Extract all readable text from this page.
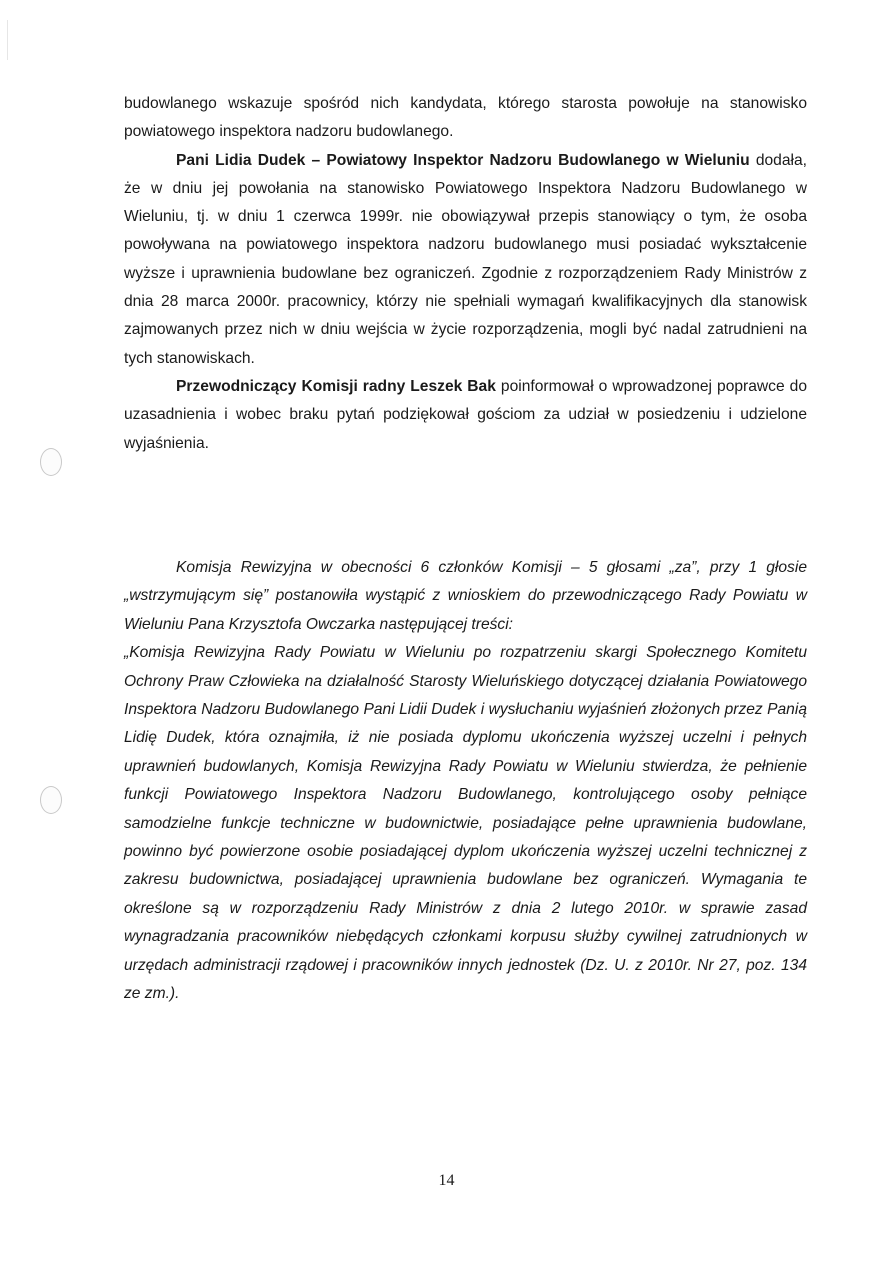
budowlanego wskazuje spośród nich kandydata, którego starosta powołuje na stanowisko powiatowego inspektora nadzoru budowlanego.

Pani Lidia Dudek – Powiatowy Inspektor Nadzoru Budowlanego w Wieluniu dodała, że w dniu jej powołania na stanowisko Powiatowego Inspektora Nadzoru Budowlanego w Wieluniu, tj. w dniu 1 czerwca 1999r. nie obowiązywał przepis stanowiący o tym, że osoba powoływana na powiatowego inspektora nadzoru budowlanego musi posiadać wykształcenie wyższe i uprawnienia budowlane bez ograniczeń. Zgodnie z rozporządzeniem Rady Ministrów z dnia 28 marca 2000r. pracownicy, którzy nie spełniali wymagań kwalifikacyjnych dla stanowisk zajmowanych przez nich w dniu wejścia w życie rozporządzenia, mogli być nadal zatrudnieni na tych stanowiskach.

Przewodniczący Komisji radny Leszek Bak poinformował o wprowadzonej poprawce do uzasadnienia i wobec braku pytań podziękował gościom za udział w posiedzeniu i udzielone wyjaśnienia.

Komisja Rewizyjna w obecności 6 członków Komisji – 5 głosami „za”, przy 1 głosie „wstrzymującym się” postanowiła wystąpić z wnioskiem do przewodniczącego Rady Powiatu w Wieluniu Pana Krzysztofa Owczarka następującej treści:

„Komisja Rewizyjna Rady Powiatu w Wieluniu po rozpatrzeniu skargi Społecznego Komitetu Ochrony Praw Człowieka na działalność Starosty Wieluńskiego dotyczącej działania Powiatowego Inspektora Nadzoru Budowlanego Pani Lidii Dudek i wysłuchaniu wyjaśnień złożonych przez Panią Lidię Dudek, która oznajmiła, iż nie posiada dyplomu ukończenia wyższej uczelni i pełnych uprawnień budowlanych, Komisja Rewizyjna Rady Powiatu w Wieluniu stwierdza, że pełnienie funkcji Powiatowego Inspektora Nadzoru Budowlanego, kontrolującego osoby pełniące samodzielne funkcje techniczne w budownictwie, posiadające pełne uprawnienia budowlane, powinno być powierzone osobie posiadającej dyplom ukończenia wyższej uczelni technicznej z zakresu budownictwa, posiadającej uprawnienia budowlane bez ograniczeń. Wymagania te określone są w rozporządzeniu Rady Ministrów z dnia 2 lutego 2010r. w sprawie zasad wynagradzania pracowników niebędących członkami korpusu służby cywilnej zatrudnionych w urzędach administracji rządowej i pracowników innych jednostek (Dz. U. z 2010r. Nr 27, poz. 134 ze zm.).

14
